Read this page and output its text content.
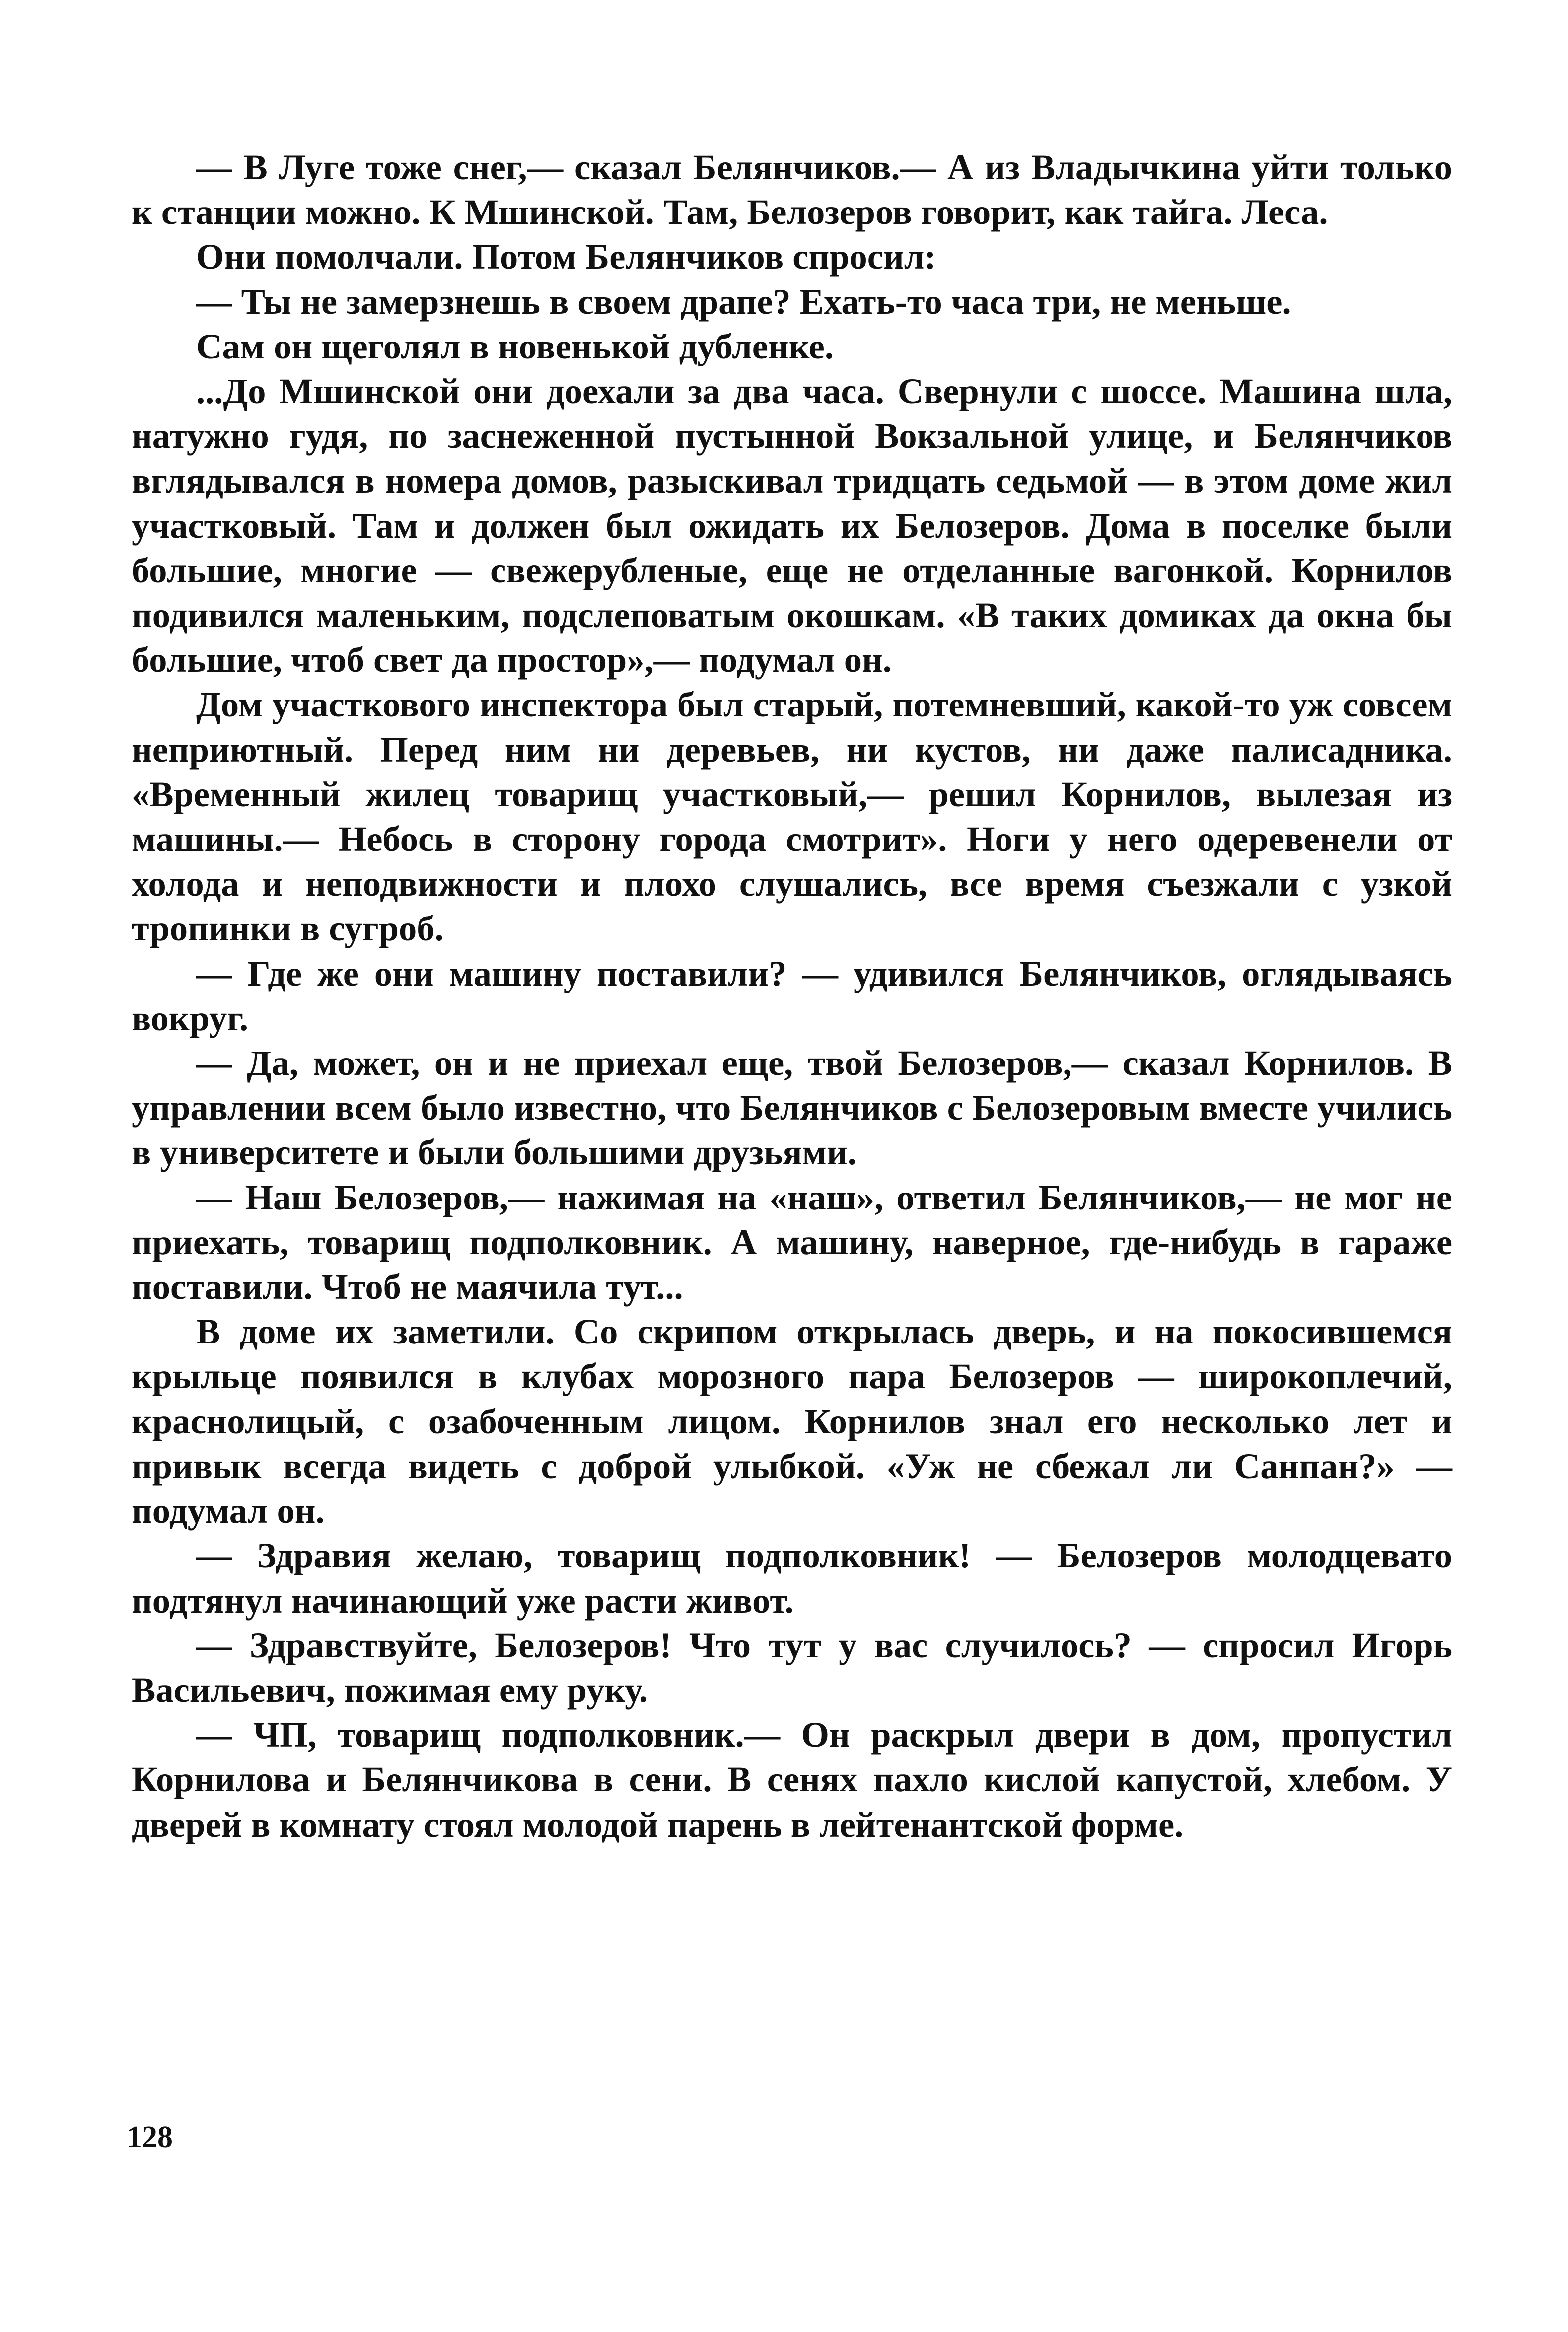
— В Луге тоже снег,— сказал Белянчиков.— А из Владычкина уйти только к станции можно. К Мшинской. Там, Белозеров говорит, как тайга. Леса.

Они помолчали. Потом Белянчиков спросил:

— Ты не замерзнешь в своем драпе? Ехать-то часа три, не меньше.

Сам он щеголял в новенькой дубленке.

...До Мшинской они доехали за два часа. Свернули с шоссе. Машина шла, натужно гудя, по заснеженной пустынной Вокзальной улице, и Белянчиков вглядывался в номера домов, разыскивал тридцать седьмой — в этом доме жил участковый. Там и должен был ожидать их Белозеров. Дома в поселке были большие, многие — свежерубленые, еще не отделанные вагонкой. Корнилов подивился маленьким, подслеповатым окошкам. «В таких домиках да окна бы большие, чтоб свет да простор»,— подумал он.

Дом участкового инспектора был старый, потемневший, какой-то уж совсем неприютный. Перед ним ни деревьев, ни кустов, ни даже палисадника. «Временный жилец товарищ участковый,— решил Корнилов, вылезая из машины.— Небось в сторону города смотрит». Ноги у него одеревенели от холода и неподвижности и плохо слушались, все время съезжали с узкой тропинки в сугроб.

— Где же они машину поставили? — удивился Белянчиков, оглядываясь вокруг.

— Да, может, он и не приехал еще, твой Белозеров,— сказал Корнилов. В управлении всем было известно, что Белянчиков с Белозеровым вместе учились в университете и были большими друзьями.

— Наш Белозеров,— нажимая на «наш», ответил Белянчиков,— не мог не приехать, товарищ подполковник. А машину, наверное, где-нибудь в гараже поставили. Чтоб не маячила тут...

В доме их заметили. Со скрипом открылась дверь, и на покосившемся крыльце появился в клубах морозного пара Белозеров — широкоплечий, краснолицый, с озабоченным лицом. Корнилов знал его несколько лет и привык всегда видеть с доброй улыбкой. «Уж не сбежал ли Санпан?» — подумал он.

— Здравия желаю, товарищ подполковник! — Белозеров молодцевато подтянул начинающий уже расти живот.

— Здравствуйте, Белозеров! Что тут у вас случилось? — спросил Игорь Васильевич, пожимая ему руку.

— ЧП, товарищ подполковник.— Он раскрыл двери в дом, пропустил Корнилова и Белянчикова в сени. В сенях пахло кислой капустой, хлебом. У дверей в комнату стоял молодой парень в лейтенантской форме.

128
